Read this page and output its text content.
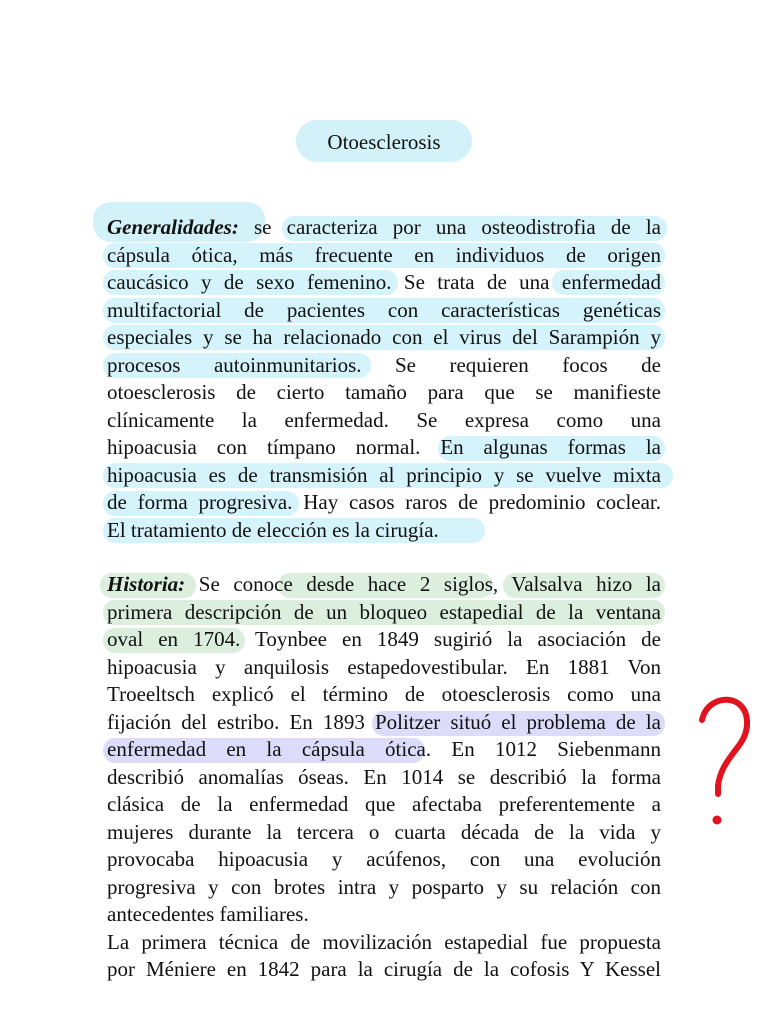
Otoesclerosis
Generalidades: se caracteriza por una osteodistrofia de la
cápsula ótica, más frecuente en individuos de origen
caucásico y de sexo femenino. Se trata de una enfermedad
multifactorial de pacientes con características genéticas
especiales y se ha relacionado con el virus del Sarampión y
procesos autoinmunitarios. Se requieren focos de
otoesclerosis de cierto tamaño para que se manifieste
clínicamente la enfermedad. Se expresa como una
hipoacusia con tímpano normal. En algunas formas la
hipoacusia es de transmisión al principio y se vuelve mixta
de forma progresiva. Hay casos raros de predominio coclear.
El tratamiento de elección es la cirugía.
Historia: Se conoce desde hace 2 siglos, Valsalva hizo la
primera descripción de un bloqueo estapedial de la ventana
oval en 1704. Toynbee en 1849 sugirió la asociación de
hipoacusia y anquilosis estapedovestibular. En 1881 Von
Troeeltsch explicó el término de otoesclerosis como una
fijación del estribo. En 1893 Politzer situó el problema de la
enfermedad en la cápsula ótica. En 1012 Siebenmann
describió anomalías óseas. En 1014 se describió la forma
clásica de la enfermedad que afectaba preferentemente a
mujeres durante la tercera o cuarta década de la vida y
provocaba hipoacusia y acúfenos, con una evolución
progresiva y con brotes intra y posparto y su relación con
antecedentes familiares.
La primera técnica de movilización estapedial fue propuesta
por Méniere en 1842 para la cirugía de la cofosis Y Kessel
